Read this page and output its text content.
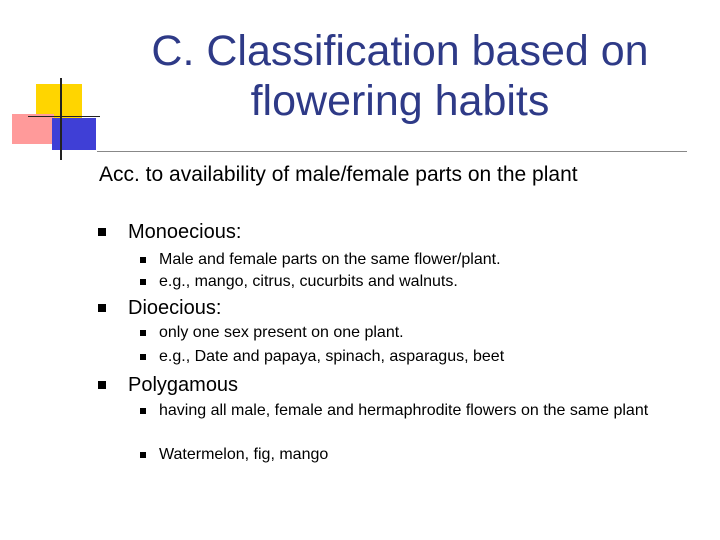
C. Classification based on
flowering habits
Acc. to availability of male/female parts on the plant
Monoecious:
Male and female parts on the same flower/plant.
e.g., mango, citrus, cucurbits and walnuts.
Dioecious:
only one sex present on one plant.
e.g., Date and papaya, spinach, asparagus, beet
Polygamous
having all male, female and hermaphrodite flowers on the same plant
Watermelon, fig, mango
